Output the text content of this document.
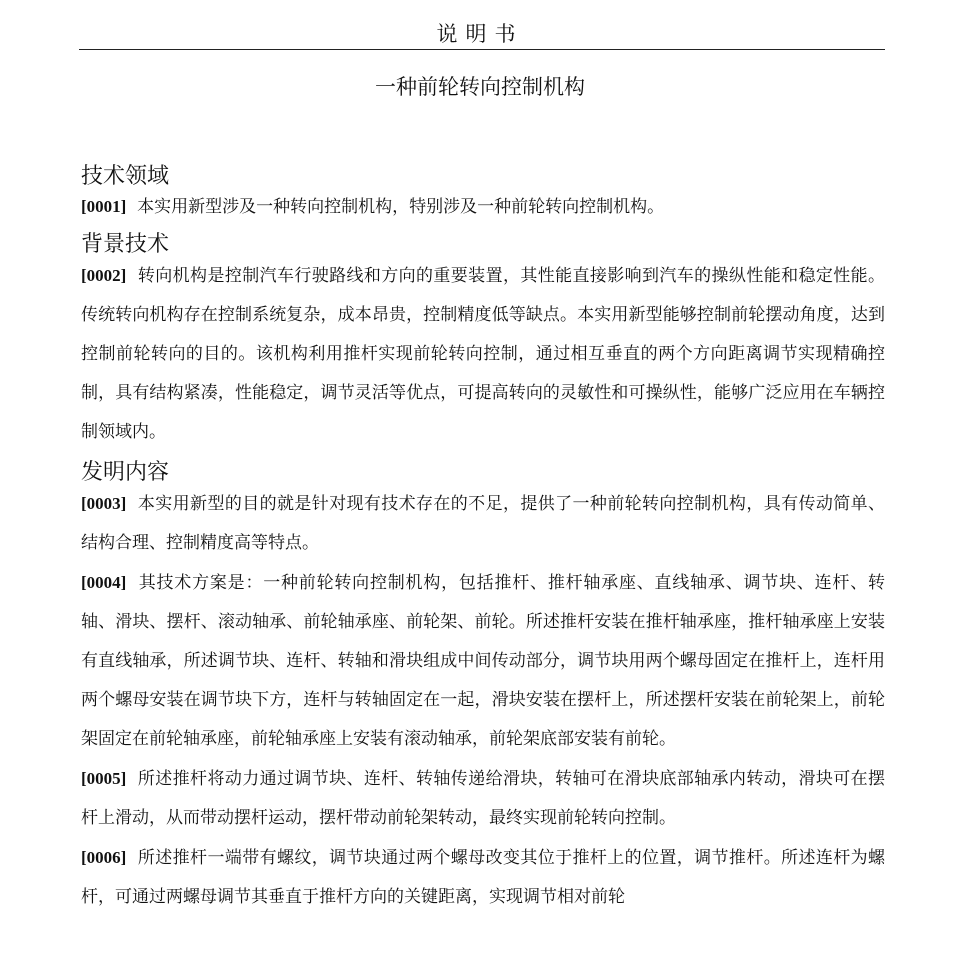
说明书
一种前轮转向控制机构
技术领域

[0001] 本实用新型涉及一种转向控制机构，特别涉及一种前轮转向控制机构。

背景技术

[0002] 转向机构是控制汽车行驶路线和方向的重要装置，其性能直接影响到汽车的操纵性能和稳定性能。传统转向机构存在控制系统复杂，成本昂贵，控制精度低等缺点。本实用新型能够控制前轮摆动角度，达到控制前轮转向的目的。该机构利用推杆实现前轮转向控制，通过相互垂直的两个方向距离调节实现精确控制，具有结构紧凑，性能稳定，调节灵活等优点，可提高转向的灵敏性和可操纵性，能够广泛应用在车辆控制领域内。

发明内容

[0003] 本实用新型的目的就是针对现有技术存在的不足，提供了一种前轮转向控制机构，具有传动简单、结构合理、控制精度高等特点。

[0004] 其技术方案是：一种前轮转向控制机构，包括推杆、推杆轴承座、直线轴承、调节块、连杆、转轴、滑块、摆杆、滚动轴承、前轮轴承座、前轮架、前轮。所述推杆安装在推杆轴承座，推杆轴承座上安装有直线轴承，所述调节块、连杆、转轴和滑块组成中间传动部分，调节块用两个螺母固定在推杆上，连杆用两个螺母安装在调节块下方，连杆与转轴固定在一起，滑块安装在摆杆上，所述摆杆安装在前轮架上，前轮架固定在前轮轴承座，前轮轴承座上安装有滚动轴承，前轮架底部安装有前轮。

[0005] 所述推杆将动力通过调节块、连杆、转轴传递给滑块，转轴可在滑块底部轴承内转动，滑块可在摆杆上滑动，从而带动摆杆运动，摆杆带动前轮架转动，最终实现前轮转向控制。

[0006] 所述推杆一端带有螺纹，调节块通过两个螺母改变其位于推杆上的位置，调节推杆。所述连杆为螺杆，可通过两螺母调节其垂直于推杆方向的关键距离，实现调节相对前轮
